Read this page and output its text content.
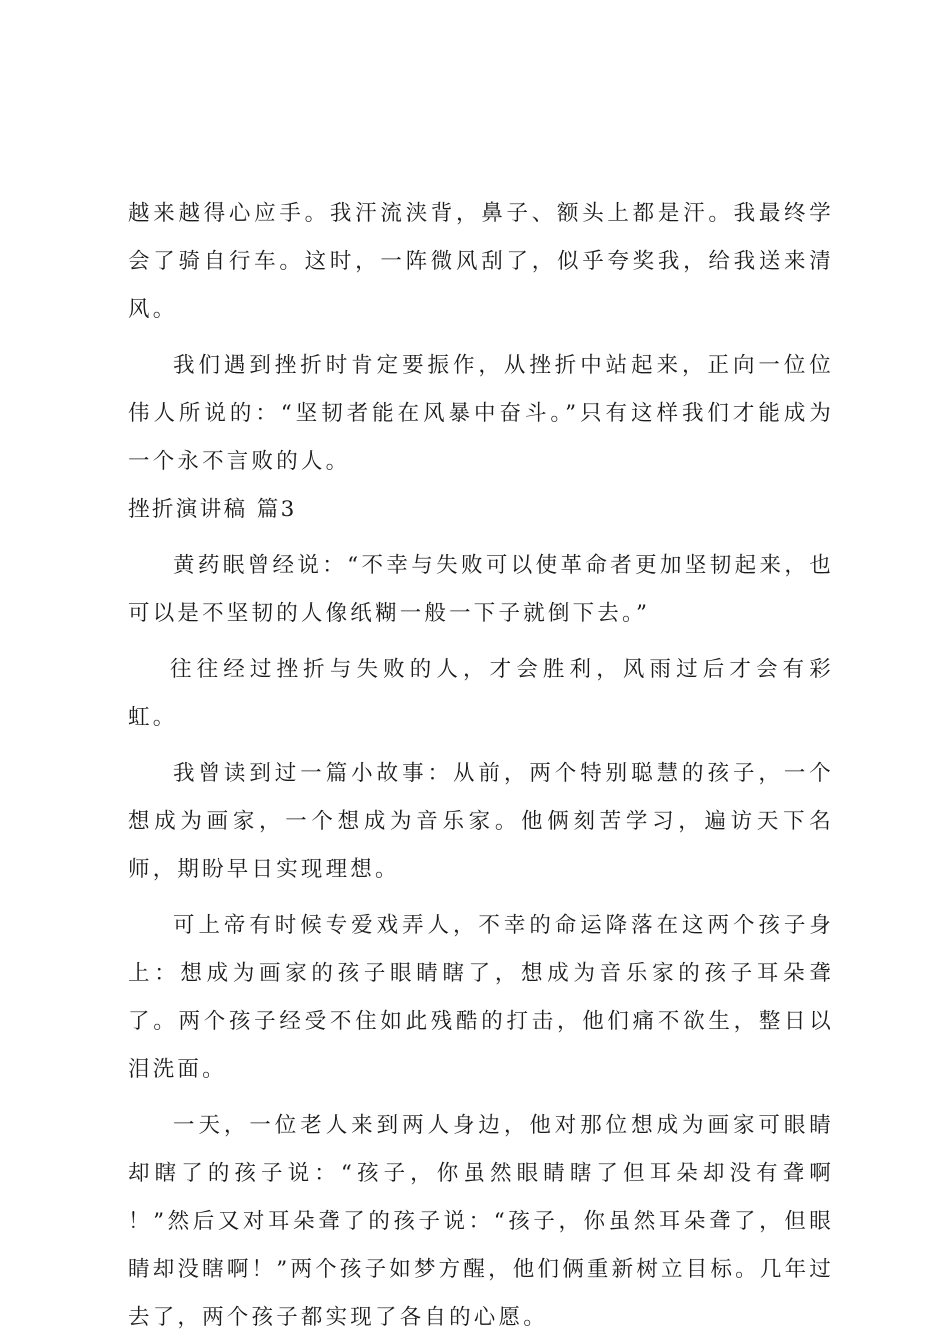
越来越得心应手。我汗流浃背，鼻子、额头上都是汗。我最终学会了骑自行车。这时，一阵微风刮了，似乎夸奖我，给我送来清风。

我们遇到挫折时肯定要振作，从挫折中站起来，正向一位位伟人所说的：“坚韧者能在风暴中奋斗。”只有这样我们才能成为一个永不言败的人。

挫折演讲稿 篇3

黄药眠曾经说：“不幸与失败可以使革命者更加坚韧起来，也可以是不坚韧的人像纸糊一般一下子就倒下去。”

往往经过挫折与失败的人，才会胜利，风雨过后才会有彩虹。

我曾读到过一篇小故事：从前，两个特别聪慧的孩子，一个想成为画家，一个想成为音乐家。他俩刻苦学习，遍访天下名师，期盼早日实现理想。

可上帝有时候专爱戏弄人，不幸的命运降落在这两个孩子身上：想成为画家的孩子眼睛瞎了，想成为音乐家的孩子耳朵聋了。两个孩子经受不住如此残酷的打击，他们痛不欲生，整日以泪洗面。

一天，一位老人来到两人身边，他对那位想成为画家可眼睛却瞎了的孩子说：“孩子，你虽然眼睛瞎了但耳朵却没有聋啊 ！”然后又对耳朵聋了的孩子说：“孩子，你虽然耳朵聋了，但眼睛却没瞎啊！”两个孩子如梦方醒，他们俩重新树立目标。几年过去了，两个孩子都实现了各自的心愿。
